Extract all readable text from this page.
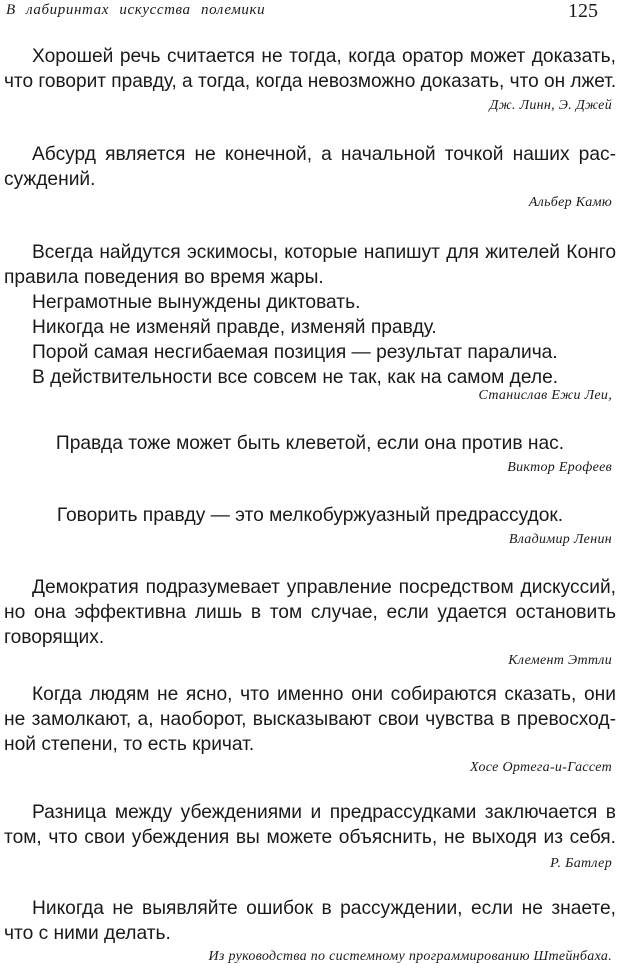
В лабиринтах искусства полемики	125
Хорошей речь считается не тогда, когда оратор может доказать,
что говорит правду, а тогда, когда невозможно доказать, что он лжет.
Дж. Линн, Э. Джей
Абсурд является не конечной, а начальной точкой наших рас-
суждений.
Альбер Камю
Всегда найдутся эскимосы, которые напишут для жителей Конго
правила поведения во время жары.
Неграмотные вынуждены диктовать.
Никогда не изменяй правде, изменяй правду.
Порой самая несгибаемая позиция — результат паралича.
В действительности все совсем не так, как на самом деле.
Станислав Ежи Леи,
Правда тоже может быть клеветой, если она против нас.
Виктор Ерофеев
Говорить правду — это мелкобуржуазный предрассудок.
Владимир Ленин
Демократия подразумевает управление посредством дискуссий,
но она эффективна лишь в том случае, если удается остановить
говорящих.
Клемент Эттли
Когда людям не ясно, что именно они собираются сказать, они
не замолкают, а, наоборот, высказывают свои чувства в превосход-
ной степени, то есть кричат.
Хосе Ортега-и-Гассет
Разница между убеждениями и предрассудками заключается в
том, что свои убеждения вы можете объяснить, не выходя из себя.
Р. Батлер
Никогда не выявляйте ошибок в рассуждении, если не знаете,
что с ними делать.
Из руководства по системному программированию Штейнбаха.
